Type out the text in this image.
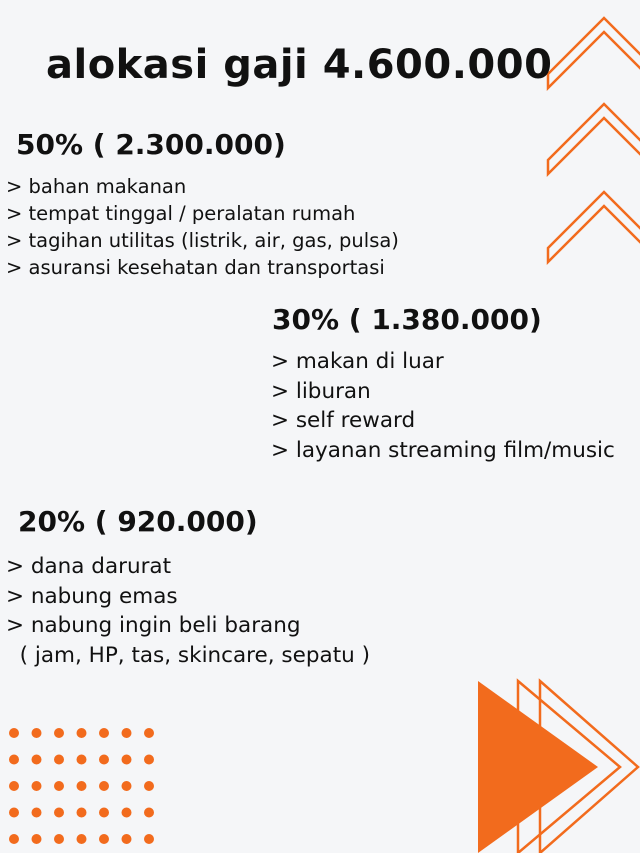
alokasi gaji 4.600.000
50% ( 2.300.000)
> bahan makanan
> tempat tinggal / peralatan rumah
> tagihan utilitas (listrik, air, gas, pulsa)
> asuransi kesehatan dan transportasi
30% ( 1.380.000)
> makan di luar
> liburan
> self reward
> layanan streaming film/music
20% ( 920.000)
> dana darurat
> nabung emas
> nabung ingin beli barang
( jam, HP, tas, skincare, sepatu )
